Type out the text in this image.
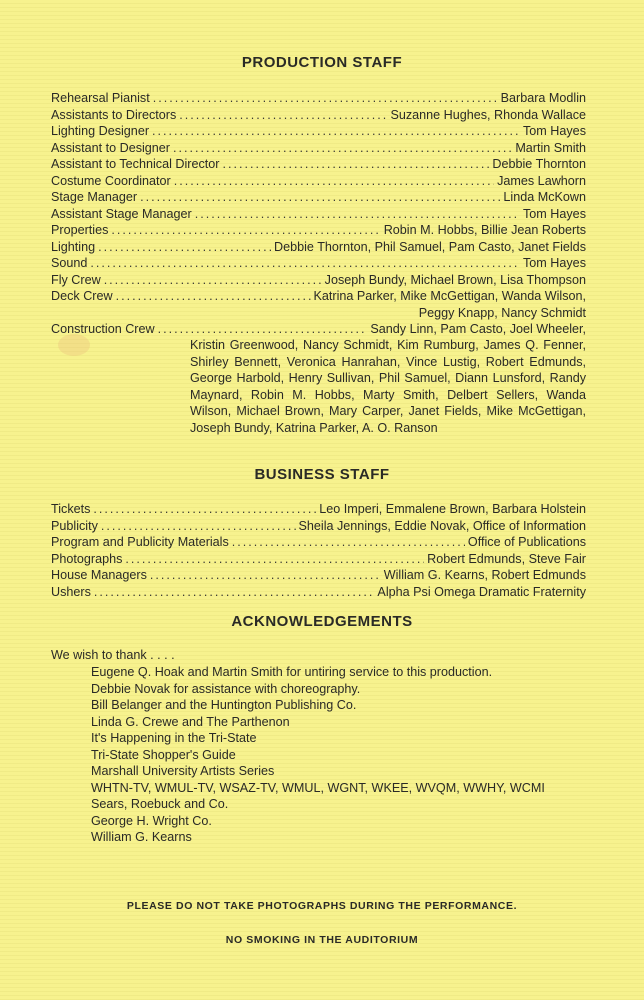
PRODUCTION STAFF
Rehearsal Pianist .....	Barbara Modlin
Assistants to Directors .....	Suzanne Hughes, Rhonda Wallace
Lighting Designer .....	Tom Hayes
Assistant to Designer .....	Martin Smith
Assistant to Technical Director .....	Debbie Thornton
Costume Coordinator .....	James Lawhorn
Stage Manager .....	Linda McKown
Assistant Stage Manager .....	Tom Hayes
Properties .....	Robin M. Hobbs, Billie Jean Roberts
Lighting .....	Debbie Thornton, Phil Samuel, Pam Casto, Janet Fields
Sound .....	Tom Hayes
Fly Crew .....	Joseph Bundy, Michael Brown, Lisa Thompson
Deck Crew .....	Katrina Parker, Mike McGettigan, Wanda Wilson,
Peggy Knapp, Nancy Schmidt
Construction Crew .....	Sandy Linn, Pam Casto, Joel Wheeler,
Kristin Greenwood, Nancy Schmidt, Kim Rumburg, James Q. Fenner, Shirley Bennett, Veronica Hanrahan, Vince Lustig, Robert Edmunds, George Harbold, Henry Sullivan, Phil Samuel, Diann Lunsford, Randy Maynard, Robin M. Hobbs, Marty Smith, Delbert Sellers, Wanda Wilson, Michael Brown, Mary Carper, Janet Fields, Mike McGettigan, Joseph Bundy, Katrina Parker, A. O. Ranson
BUSINESS STAFF
Tickets .....	Leo Imperi, Emmalene Brown, Barbara Holstein
Publicity .....	Sheila Jennings, Eddie Novak, Office of Information
Program and Publicity Materials .....	Office of Publications
Photographs .....	Robert Edmunds, Steve Fair
House Managers .....	William G. Kearns, Robert Edmunds
Ushers .....	Alpha Psi Omega Dramatic Fraternity
ACKNOWLEDGEMENTS
We wish to thank . . . .
Eugene Q. Hoak and Martin Smith for untiring service to this production.
Debbie Novak for assistance with choreography.
Bill Belanger and the Huntington Publishing Co.
Linda G. Crewe and The Parthenon
It's Happening in the Tri-State
Tri-State Shopper's Guide
Marshall University Artists Series
WHTN-TV, WMUL-TV, WSAZ-TV, WMUL, WGNT, WKEE, WVQM, WWHY, WCMI
Sears, Roebuck and Co.
George H. Wright Co.
William G. Kearns
PLEASE DO NOT TAKE PHOTOGRAPHS DURING THE PERFORMANCE.
NO SMOKING IN THE AUDITORIUM
